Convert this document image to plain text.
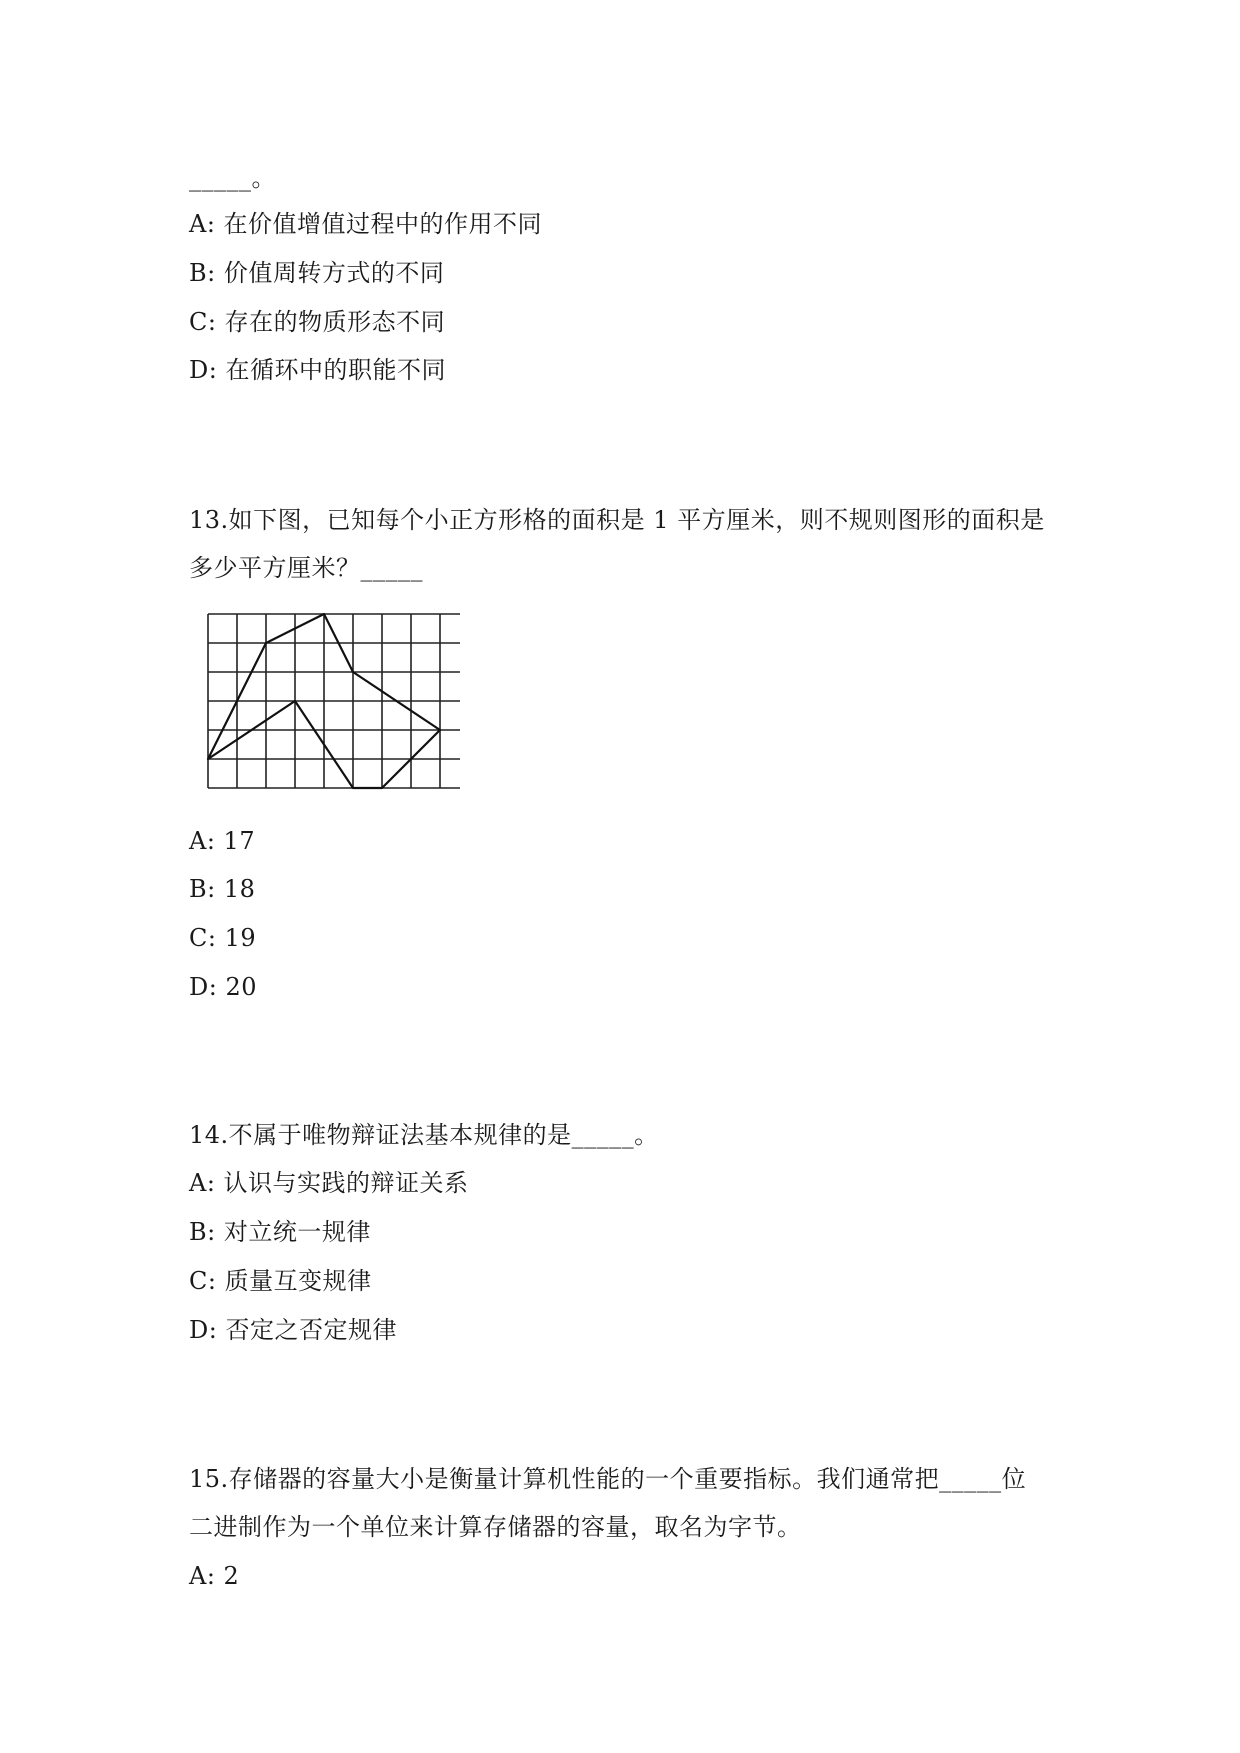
_____。
A: 在价值增值过程中的作用不同
B: 价值周转方式的不同
C: 存在的物质形态不同
D: 在循环中的职能不同
13.如下图，已知每个小正方形格的面积是 1 平方厘米，则不规则图形的面积是
多少平方厘米？_____
A: 17
B: 18
C: 19
D: 20
14.不属于唯物辩证法基本规律的是_____。
A: 认识与实践的辩证关系
B: 对立统一规律
C: 质量互变规律
D: 否定之否定规律
15.存储器的容量大小是衡量计算机性能的一个重要指标。我们通常把_____位
二进制作为一个单位来计算存储器的容量，取名为字节。
A: 2
